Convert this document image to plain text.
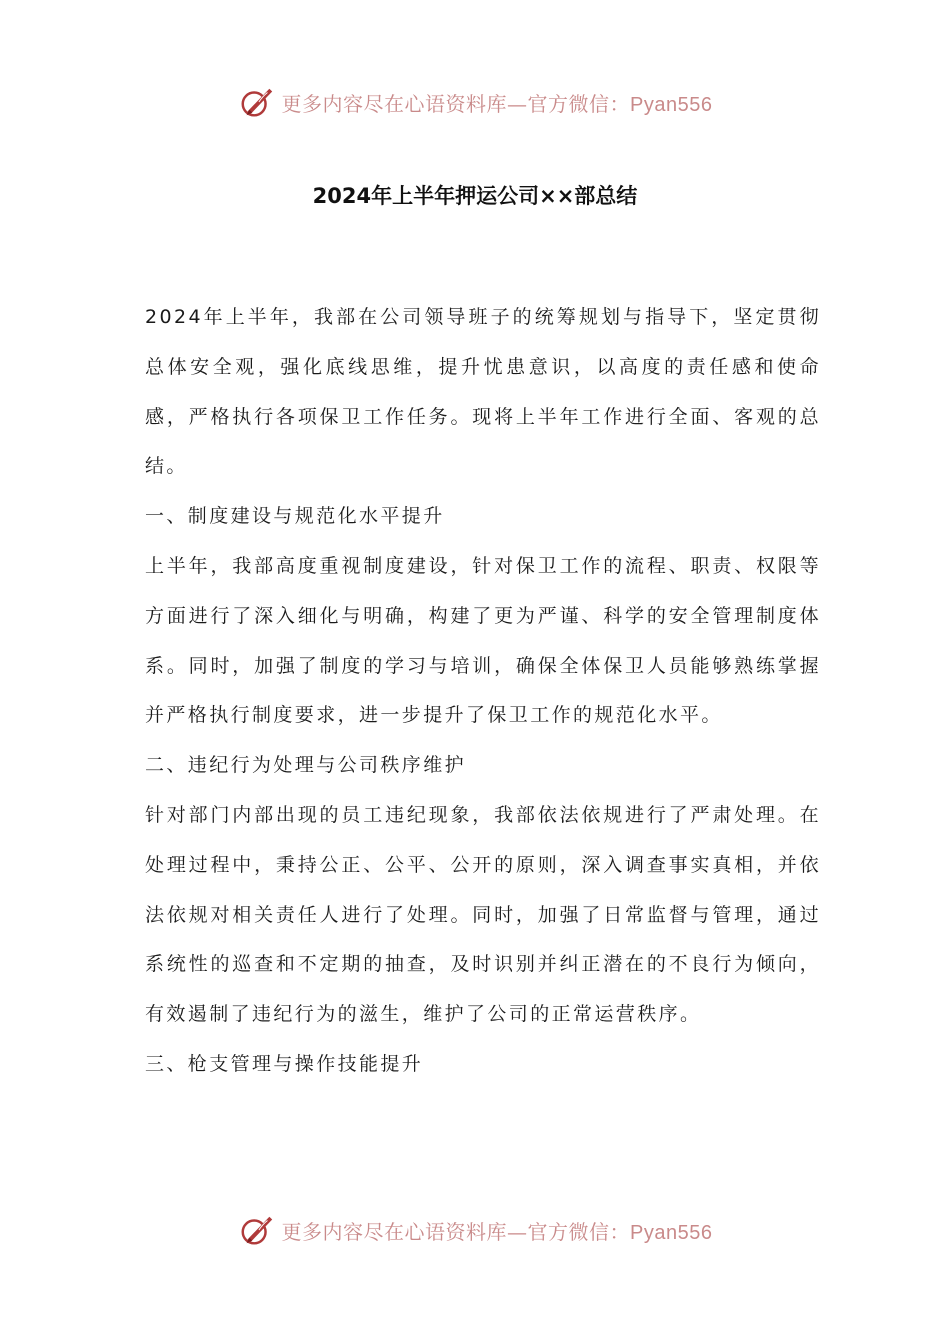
更多内容尽在心语资料库—官方微信：Pyan556
2024年上半年押运公司××部总结

2024年上半年，我部在公司领导班子的统筹规划与指导下，坚定贯彻总体安全观，强化底线思维，提升忧患意识，以高度的责任感和使命感，严格执行各项保卫工作任务。现将上半年工作进行全面、客观的总结。

一、制度建设与规范化水平提升

上半年，我部高度重视制度建设，针对保卫工作的流程、职责、权限等方面进行了深入细化与明确，构建了更为严谨、科学的安全管理制度体系。同时，加强了制度的学习与培训，确保全体保卫人员能够熟练掌握并严格执行制度要求，进一步提升了保卫工作的规范化水平。

二、违纪行为处理与公司秩序维护

针对部门内部出现的员工违纪现象，我部依法依规进行了严肃处理。在处理过程中，秉持公正、公平、公开的原则，深入调查事实真相，并依法依规对相关责任人进行了处理。同时，加强了日常监督与管理，通过系统性的巡查和不定期的抽查，及时识别并纠正潜在的不良行为倾向，有效遏制了违纪行为的滋生，维护了公司的正常运营秩序。

三、枪支管理与操作技能提升

更多内容尽在心语资料库—官方微信：Pyan556
